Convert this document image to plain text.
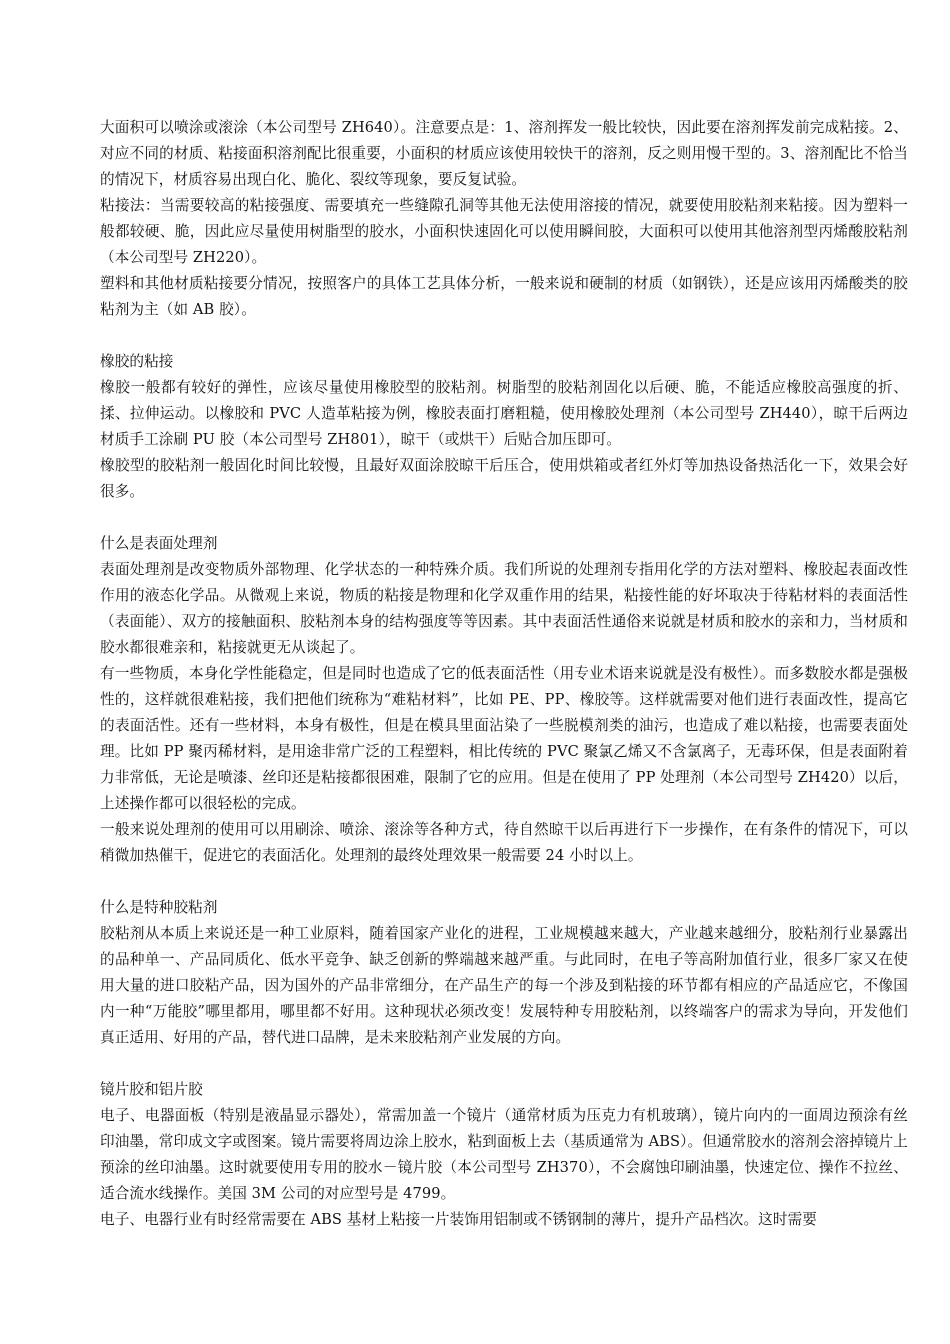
大面积可以喷涂或滚涂（本公司型号 ZH640）。注意要点是：1、溶剂挥发一般比较快，因此要在溶剂挥发前完成粘接。2、对应不同的材质、粘接面积溶剂配比很重要，小面积的材质应该使用较快干的溶剂，反之则用慢干型的。3、溶剂配比不恰当的情况下，材质容易出现白化、脆化、裂纹等现象，要反复试验。

粘接法：当需要较高的粘接强度、需要填充一些缝隙孔洞等其他无法使用溶接的情况，就要使用胶粘剂来粘接。因为塑料一般都较硬、脆，因此应尽量使用树脂型的胶水，小面积快速固化可以使用瞬间胶，大面积可以使用其他溶剂型丙烯酸胶粘剂（本公司型号 ZH220）。

塑料和其他材质粘接要分情况，按照客户的具体工艺具体分析，一般来说和硬制的材质（如钢铁），还是应该用丙烯酸类的胶粘剂为主（如 AB 胶）。

橡胶的粘接

橡胶一般都有较好的弹性，应该尽量使用橡胶型的胶粘剂。树脂型的胶粘剂固化以后硬、脆，不能适应橡胶高强度的折、揉、拉伸运动。以橡胶和 PVC 人造革粘接为例，橡胶表面打磨粗糙，使用橡胶处理剂（本公司型号 ZH440），晾干后两边材质手工涂刷 PU 胶（本公司型号 ZH801），晾干（或烘干）后贴合加压即可。

橡胶型的胶粘剂一般固化时间比较慢，且最好双面涂胶晾干后压合，使用烘箱或者红外灯等加热设备热活化一下，效果会好很多。

什么是表面处理剂

表面处理剂是改变物质外部物理、化学状态的一种特殊介质。我们所说的处理剂专指用化学的方法对塑料、橡胶起表面改性作用的液态化学品。从微观上来说，物质的粘接是物理和化学双重作用的结果，粘接性能的好坏取决于待粘材料的表面活性（表面能）、双方的接触面积、胶粘剂本身的结构强度等等因素。其中表面活性通俗来说就是材质和胶水的亲和力，当材质和胶水都很难亲和，粘接就更无从谈起了。

有一些物质，本身化学性能稳定，但是同时也造成了它的低表面活性（用专业术语来说就是没有极性）。而多数胶水都是强极性的，这样就很难粘接，我们把他们统称为“难粘材料”，比如 PE、PP、橡胶等。这样就需要对他们进行表面改性，提高它的表面活性。还有一些材料，本身有极性，但是在模具里面沾染了一些脱模剂类的油污，也造成了难以粘接，也需要表面处理。比如 PP 聚丙稀材料，是用途非常广泛的工程塑料，相比传统的 PVC 聚氯乙烯又不含氯离子，无毒环保，但是表面附着力非常低，无论是喷漆、丝印还是粘接都很困难，限制了它的应用。但是在使用了 PP 处理剂（本公司型号 ZH420）以后，上述操作都可以很轻松的完成。

一般来说处理剂的使用可以用刷涂、喷涂、滚涂等各种方式，待自然晾干以后再进行下一步操作，在有条件的情况下，可以稍微加热催干，促进它的表面活化。处理剂的最终处理效果一般需要 24 小时以上。

什么是特种胶粘剂

胶粘剂从本质上来说还是一种工业原料，随着国家产业化的进程，工业规模越来越大，产业越来越细分，胶粘剂行业暴露出的品种单一、产品同质化、低水平竞争、缺乏创新的弊端越来越严重。与此同时，在电子等高附加值行业，很多厂家又在使用大量的进口胶粘产品，因为国外的产品非常细分，在产品生产的每一个涉及到粘接的环节都有相应的产品适应它，不像国内一种“万能胶”哪里都用，哪里都不好用。这种现状必须改变！发展特种专用胶粘剂，以终端客户的需求为导向，开发他们真正适用、好用的产品，替代进口品牌，是未来胶粘剂产业发展的方向。

镜片胶和铝片胶

电子、电器面板（特别是液晶显示器处），常需加盖一个镜片（通常材质为压克力有机玻璃），镜片向内的一面周边预涂有丝印油墨，常印成文字或图案。镜片需要将周边涂上胶水，粘到面板上去（基质通常为 ABS）。但通常胶水的溶剂会溶掉镜片上预涂的丝印油墨。这时就要使用专用的胶水－镜片胶（本公司型号 ZH370），不会腐蚀印刷油墨，快速定位、操作不拉丝、适合流水线操作。美国 3M 公司的对应型号是 4799。

电子、电器行业有时经常需要在 ABS 基材上粘接一片装饰用铝制或不锈钢制的薄片，提升产品档次。这时需要
